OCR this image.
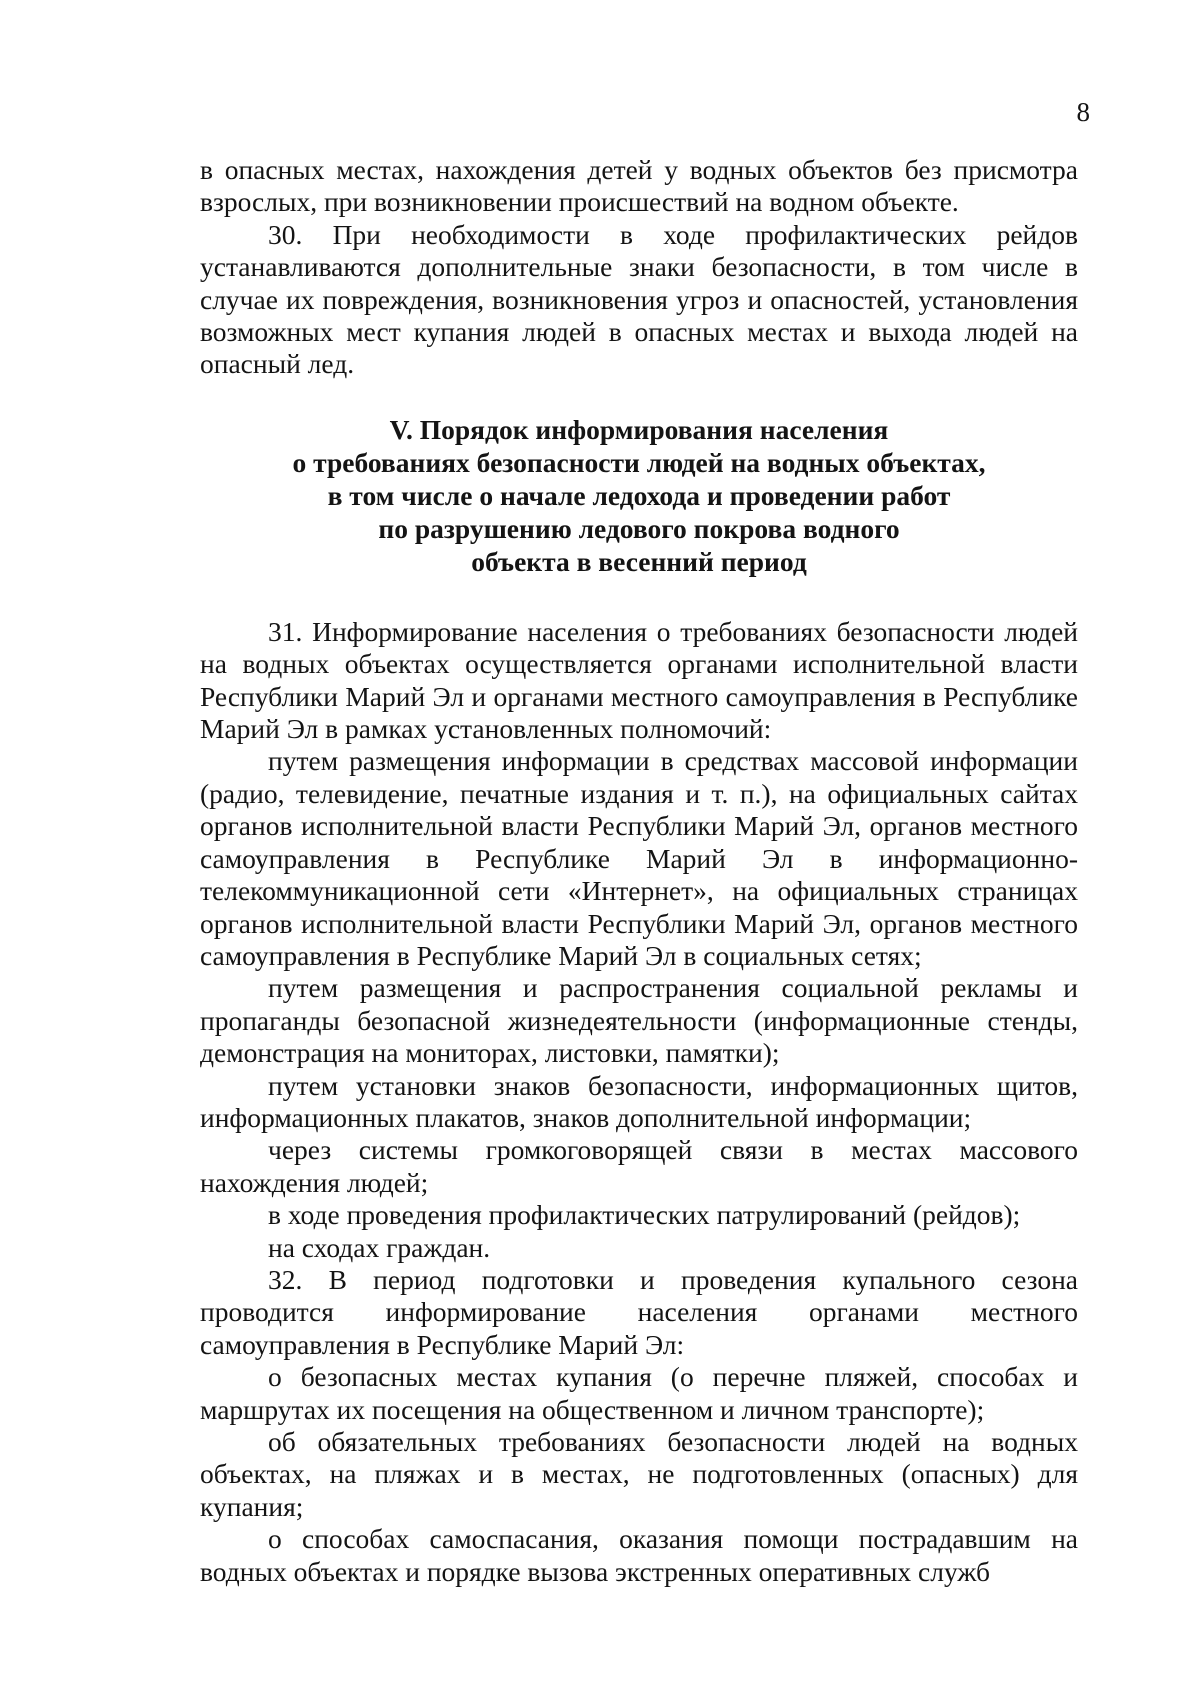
8

в опасных местах, нахождения детей у водных объектов без присмотра взрослых, при возникновении происшествий на водном объекте.

30. При необходимости в ходе профилактических рейдов устанавливаются дополнительные знаки безопасности, в том числе в случае их повреждения, возникновения угроз и опасностей, установления возможных мест купания людей в опасных местах и выхода людей на опасный лед.

V. Порядок информирования населения
о требованиях безопасности людей на водных объектах,
в том числе о начале ледохода и проведении работ
по разрушению ледового покрова водного
объекта в весенний период

31. Информирование населения о требованиях безопасности людей на водных объектах осуществляется органами исполнительной власти Республики Марий Эл и органами местного самоуправления в Республике Марий Эл в рамках установленных полномочий:

путем размещения информации в средствах массовой информации (радио, телевидение, печатные издания и т. п.), на официальных сайтах органов исполнительной власти Республики Марий Эл, органов местного самоуправления в Республике Марий Эл в информационно-телекоммуникационной сети «Интернет», на официальных страницах органов исполнительной власти Республики Марий Эл, органов местного самоуправления в Республике Марий Эл в социальных сетях;

путем размещения и распространения социальной рекламы и пропаганды безопасной жизнедеятельности (информационные стенды, демонстрация на мониторах, листовки, памятки);

путем установки знаков безопасности, информационных щитов, информационных плакатов, знаков дополнительной информации;

через системы громкоговорящей связи в местах массового нахождения людей;

в ходе проведения профилактических патрулирований (рейдов);

на сходах граждан.

32. В период подготовки и проведения купального сезона проводится информирование населения органами местного самоуправления в Республике Марий Эл:

о безопасных местах купания (о перечне пляжей, способах и маршрутах их посещения на общественном и личном транспорте);

об обязательных требованиях безопасности людей на водных объектах, на пляжах и в местах, не подготовленных (опасных) для купания;

о способах самоспасания, оказания помощи пострадавшим на водных объектах и порядке вызова экстренных оперативных служб
